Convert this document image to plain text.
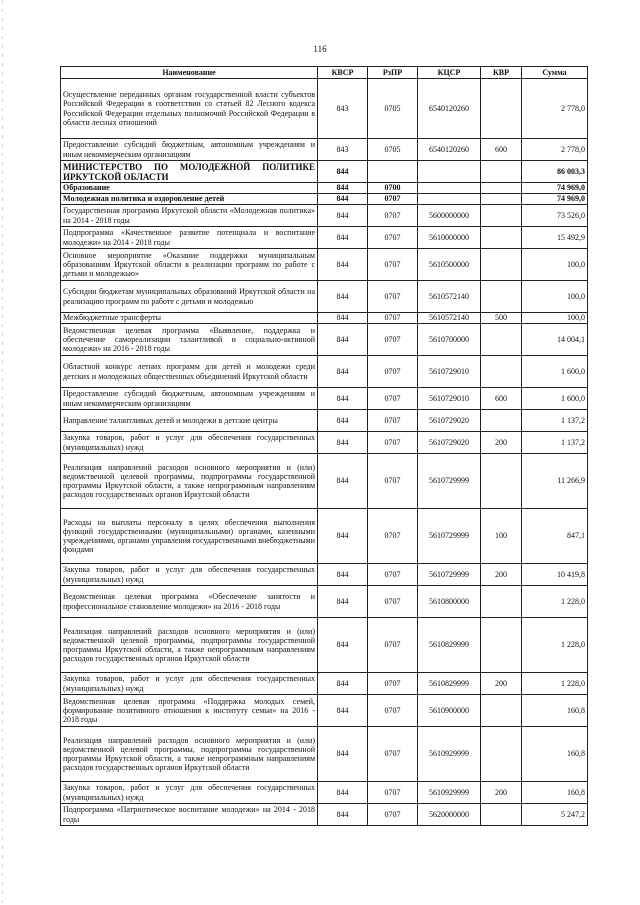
116
Наименование	КВСР	РзПР	КЦСР	КВР	Сумма
Осуществление переданных органам государственной власти субъектов Российской Федерации в соответствии со статьей 82 Лесного кодекса Российской Федерации отдельных полномочий Российской Федерации в области лесных отношений	843	0705	6540120260		2 778,0
Предоставление субсидий бюджетным, автономным учреждениям и иным некоммерческим организациям	843	0705	6540120260	600	2 778,0
МИНИСТЕРСТВО ПО МОЛОДЕЖНОЙ ПОЛИТИКЕ ИРКУТСКОЙ ОБЛАСТИ	844				86 003,3
Образование	844	0700			74 969,0
Молодежная политика и оздоровление детей	844	0707			74 969,0
Государственная программа Иркутской области «Молодежная политика» на 2014 - 2018 годы	844	0707	5600000000		73 526,0
Подпрограмма «Качественное развитие потенциала и воспитание молодежи» на 2014 - 2018 годы	844	0707	5610000000		15 492,9
Основное мероприятие «Оказание поддержки муниципальным образованиям Иркутской области в реализации программ по работе с детьми и молодежью»	844	0707	5610500000		100,0
Субсидии бюджетам муниципальных образований Иркутской области на реализацию программ по работе с детьми и молодежью	844	0707	5610572140		100,0
Межбюджетные трансферты	844	0707	5610572140	500	100,0
Ведомственная целевая программа «Выявление, поддержка и обеспечение самореализации талантливой и социально-активной молодежи» на 2016 - 2018 годы	844	0707	5610700000		14 004,1
Областной конкурс летних программ для детей и молодежи среди детских и молодежных общественных объединений Иркутской области	844	0707	5610729010		1 600,0
Предоставление субсидий бюджетным, автономным учреждениям и иным некоммерческим организациям	844	0707	5610729010	600	1 600,0
Направление талантливых детей и молодежи в детские центры	844	0707	5610729020		1 137,2
Закупка товаров, работ и услуг для обеспечения государственных (муниципальных) нужд	844	0707	5610729020	200	1 137,2
Реализация направлений расходов основного мероприятия и (или) ведомственной целевой программы, подпрограммы государственной программы Иркутской области, а также непрограммным направлениям расходов государственных органов Иркутской области	844	0707	5610729999		11 266,9
Расходы на выплаты персоналу в целях обеспечения выполнения функций государственными (муниципальными) органами, казенными учреждениями, органами управления государственными внебюджетными фондами	844	0707	5610729999	100	847,1
Закупка товаров, работ и услуг для обеспечения государственных (муниципальных) нужд	844	0707	5610729999	200	10 419,8
Ведомственная целевая программа «Обеспечение занятости и профессиональное становление молодежи» на 2016 - 2018 годы	844	0707	5610800000		1 228,0
Реализация направлений расходов основного мероприятия и (или) ведомственной целевой программы, подпрограммы государственной программы Иркутской области, а также непрограммным направлениям расходов государственных органов Иркутской области	844	0707	5610829999		1 228,0
Закупка товаров, работ и услуг для обеспечения государственных (муниципальных) нужд	844	0707	5610829999	200	1 228,0
Ведомственная целевая программа «Поддержка молодых семей, формирование позитивного отношения к институту семьи» на 2016 - 2018 годы	844	0707	5610900000		160,8
Реализация направлений расходов основного мероприятия и (или) ведомственной целевой программы, подпрограммы государственной программы Иркутской области, а также непрограммным направлениям расходов государственных органов Иркутской области	844	0707	5610929999		160,8
Закупка товаров, работ и услуг для обеспечения государственных (муниципальных) нужд	844	0707	5610929999	200	160,8
Подпрограмма «Патриотическое воспитание молодежи» на 2014 - 2018 годы	844	0707	5620000000		5 247,2
